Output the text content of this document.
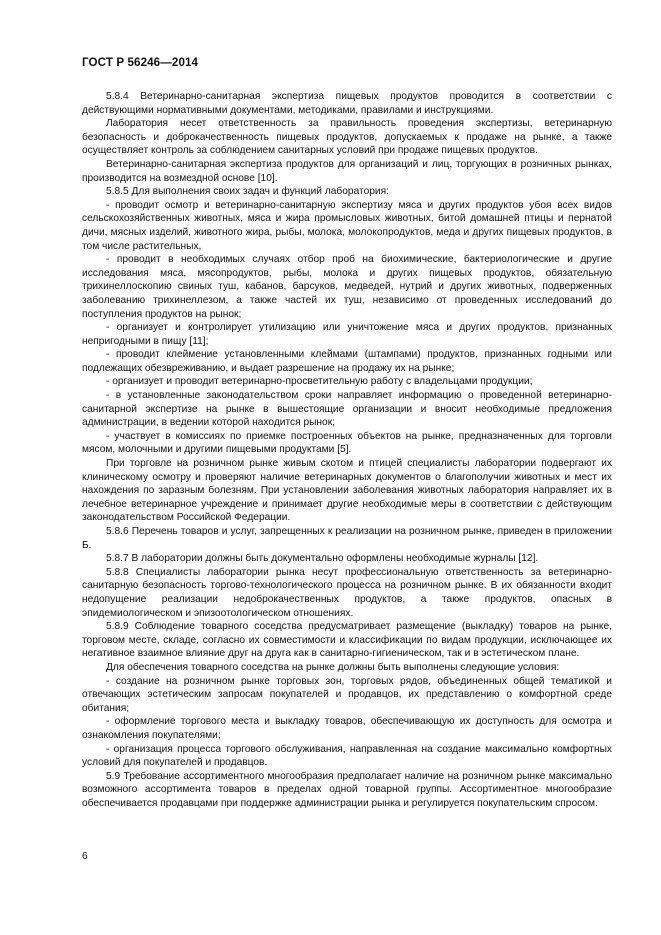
ГОСТ Р 56246—2014

5.8.4 Ветеринарно-санитарная экспертиза пищевых продуктов проводится в соответствии с действующими нормативными документами, методиками, правилами и инструкциями.

Лаборатория несет ответственность за правильность проведения экспертизы, ветеринарную безопасность и доброкачественность пищевых продуктов, допускаемых к продаже на рынке, а также осуществляет контроль за соблюдением санитарных условий при продаже пищевых продуктов.

Ветеринарно-санитарная экспертиза продуктов для организаций и лиц, торгующих в розничных рынках, производится на возмездной основе [10].

5.8.5 Для выполнения своих задач и функций лаборатория:

- проводит осмотр и ветеринарно-санитарную экспертизу мяса и других продуктов убоя всех видов сельскохозяйственных животных, мяса и жира промысловых животных, битой домашней птицы и пернатой дичи, мясных изделий, животного жира, рыбы, молока, молокопродуктов, меда и других пищевых продуктов, в том числе растительных,

- проводит в необходимых случаях отбор проб на биохимические, бактериологические и другие исследования мяса, мясопродуктов, рыбы, молока и других пищевых продуктов, обязательную трихинеллоскопию свиных туш, кабанов, барсуков, медведей, нутрий и других животных, подверженных заболеванию трихинеллезом, а также частей их туш, независимо от проведенных исследований до поступления продуктов на рынок;

- организует и контролирует утилизацию или уничтожение мяса и других продуктов, признанных непригодными в пищу [11];

- проводит клеймение установленными клеймами (штампами) продуктов, признанных годными или подлежащих обезвреживанию, и выдает разрешение на продажу их на рынке;

- организует и проводит ветеринарно-просветительную работу с владельцами продукции;

- в установленные законодательством сроки направляет информацию о проведенной ветеринарно-санитарной экспертизе на рынке в вышестоящие организации и вносит необходимые предложения администрации, в ведении которой находится рынок;

- участвует в комиссиях по приемке построенных объектов на рынке, предназначенных для торговли мясом, молочными и другими пищевыми продуктами [5].

При торговле на розничном рынке живым скотом и птицей специалисты лаборатории подвергают их клиническому осмотру и проверяют наличие ветеринарных документов о благополучии животных и мест их нахождения по заразным болезням. При установлении заболевания животных лаборатория направляет их в лечебное ветеринарное учреждение и принимает другие необходимые меры в соответствии с действующим законодательством Российской Федерации.

5.8.6 Перечень товаров и услуг, запрещенных к реализации на розничном рынке, приведен в приложении Б.

5.8.7 В лаборатории должны быть документально оформлены необходимые журналы [12].

5.8.8 Специалисты лаборатории рынка несут профессиональную ответственность за ветеринарно-санитарную безопасность торгово-технологического процесса на розничном рынке. В их обязанности входит недопущение реализации недоброкачественных продуктов, а также продуктов, опасных в эпидемиологическом и эпизоотологическом отношениях.

5.8.9 Соблюдение товарного соседства предусматривает размещение (выкладку) товаров на рынке, торговом месте, складе, согласно их совместимости и классификации по видам продукции, исключающее их негативное взаимное влияние друг на друга как в санитарно-гигиеническом, так и в эстетическом плане.

Для обеспечения товарного соседства на рынке должны быть выполнены следующие условия:

- создание на розничном рынке торговых зон, торговых рядов, объединенных общей тематикой и отвечающих эстетическим запросам покупателей и продавцов, их представлению о комфортной среде обитания;

- оформление торгового места и выкладку товаров, обеспечивающую их доступность для осмотра и ознакомления покупателями;

- организация процесса торгового обслуживания, направленная на создание максимально комфортных условий для покупателей и продавцов.

5.9 Требование ассортиментного многообразия предполагает наличие на розничном рынке максимально возможного ассортимента товаров в пределах одной товарной группы. Ассортиментное многообразие обеспечивается продавцами при поддержке администрации рынка и регулируется покупательским спросом.

6
